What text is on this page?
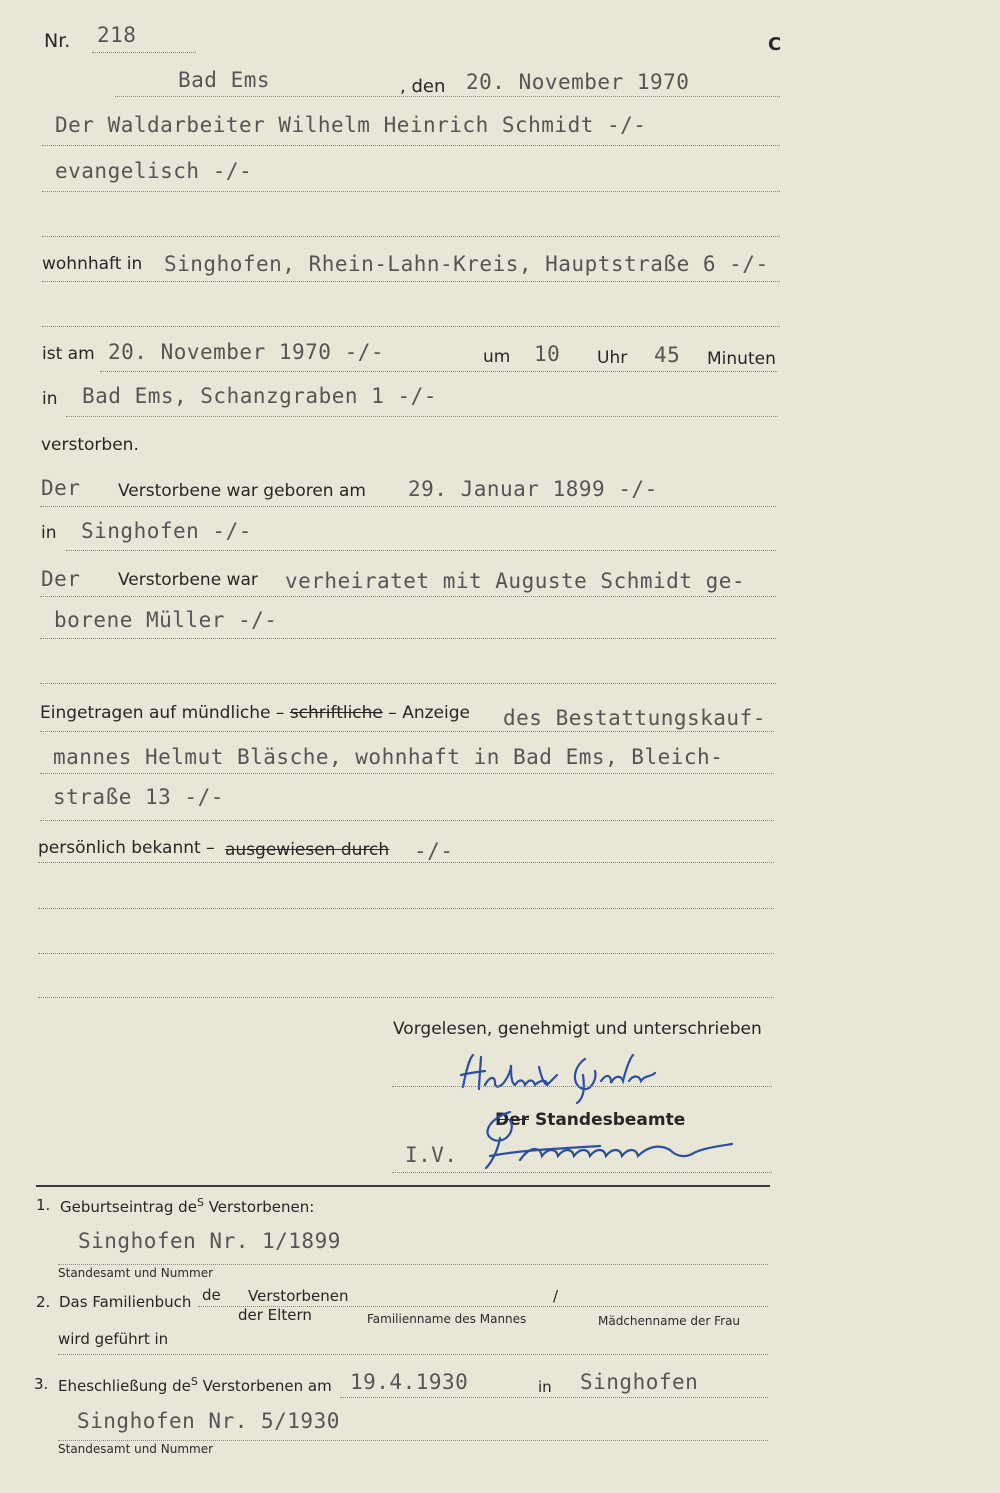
Nr. 218	C
Bad Ems	, den 20. November 1970
Der Waldarbeiter Wilhelm Heinrich Schmidt -/-
evangelisch -/-
wohnhaft in Singhofen, Rhein-Lahn-Kreis, Hauptstraße 6 -/-
ist am 20. November 1970 -/-	um 10 Uhr 45 Minuten
in Bad Ems, Schanzgraben 1 -/-
verstorben.
Der Verstorbene war geboren am 29. Januar 1899 -/-
in Singhofen -/-
Der Verstorbene war verheiratet mit Auguste Schmidt ge-
borene Müller -/-
Eingetragen auf mündliche – schriftliche – Anzeige des Bestattungskauf-
mannes Helmut Bläsche, wohnhaft in Bad Ems, Bleich-
straße 13 -/-
persönlich bekannt – ausgewiesen durch -/-
Vorgelesen, genehmigt und unterschrieben
Der Standesbeamte
I.V.
1. Geburtseintrag $de^S$ Verstorbenen:
Singhofen Nr. 1/1899
Standesamt und Nummer
2. Das Familienbuch de Verstorbenen	/
der Eltern	Familienname des Mannes	Mädchenname der Frau
wird geführt in
3. Eheschließung $de^S$ Verstorbenen am 19.4.1930	in Singhofen
Singhofen Nr. 5/1930
Standesamt und Nummer
